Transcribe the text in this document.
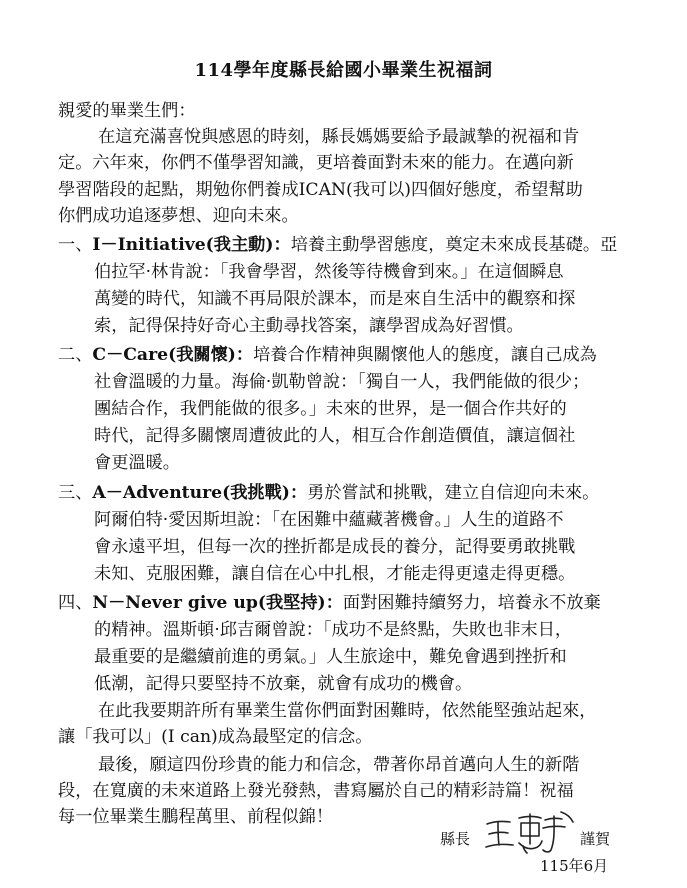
114學年度縣長給國小畢業生祝福詞
親愛的畢業生們：
在這充滿喜悅與感恩的時刻，縣長媽媽要給予最誠摯的祝福和肯
定。六年來，你們不僅學習知識，更培養面對未來的能力。在邁向新
學習階段的起點，期勉你們養成ICAN(我可以)四個好態度，希望幫助
你們成功追逐夢想、迎向未來。
一、I－Initiative(我主動)：培養主動學習態度，奠定未來成長基礎。亞
伯拉罕·林肯說：「我會學習，然後等待機會到來。」在這個瞬息
萬變的時代，知識不再局限於課本，而是來自生活中的觀察和探
索，記得保持好奇心主動尋找答案，讓學習成為好習慣。
二、C－Care(我關懷)：培養合作精神與關懷他人的態度，讓自己成為
社會溫暖的力量。海倫·凱勒曾說：「獨自一人，我們能做的很少；
團結合作，我們能做的很多。」未來的世界，是一個合作共好的
時代，記得多關懷周遭彼此的人，相互合作創造價值，讓這個社
會更溫暖。
三、A－Adventure(我挑戰)：勇於嘗試和挑戰，建立自信迎向未來。
阿爾伯特·愛因斯坦說：「在困難中蘊藏著機會。」人生的道路不
會永遠平坦，但每一次的挫折都是成長的養分，記得要勇敢挑戰
未知、克服困難，讓自信在心中扎根，才能走得更遠走得更穩。
四、N－Never give up(我堅持)：面對困難持續努力，培養永不放棄
的精神。溫斯頓·邱吉爾曾說：「成功不是終點，失敗也非末日，
最重要的是繼續前進的勇氣。」人生旅途中，難免會遇到挫折和
低潮，記得只要堅持不放棄，就會有成功的機會。
在此我要期許所有畢業生當你們面對困難時，依然能堅強站起來，
讓「我可以」(I can)成為最堅定的信念。
最後，願這四份珍貴的能力和信念，帶著你昂首邁向人生的新階
段，在寬廣的未來道路上發光發熱，書寫屬於自己的精彩詩篇！祝福
每一位畢業生鵬程萬里、前程似錦！
縣長	謹賀
115年6月
